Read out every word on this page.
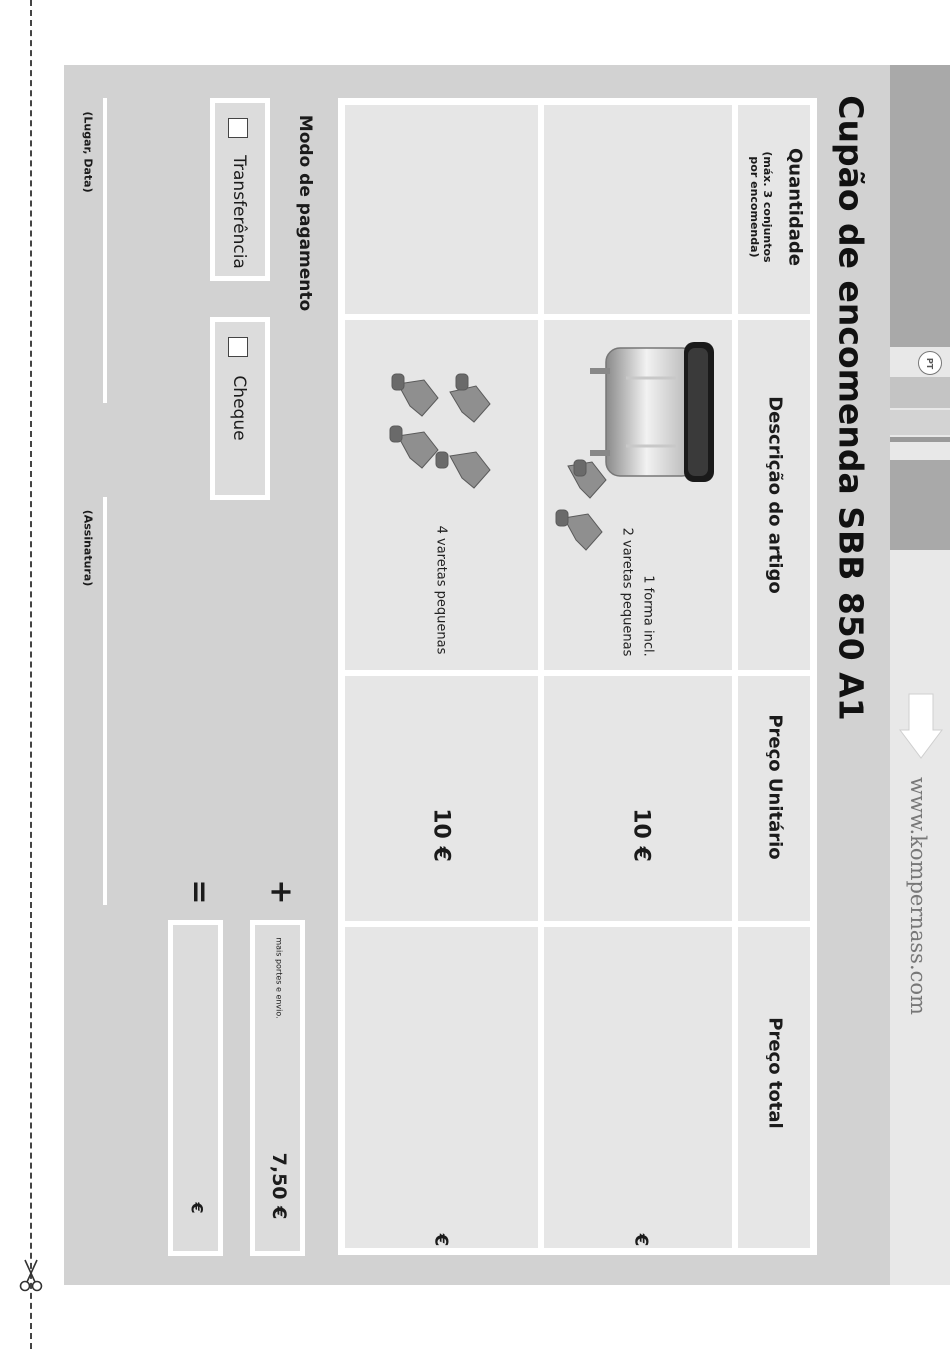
PT
www.kompernass.com
Cupão de encomenda SBB 850 A1
Quantidade
(máx. 3 conjuntos por encomenda)
Descrição do artigo
Preço Unitário
Preço total
1 forma incl.
2 varetas pequenas
10 €
€
4 varetas pequenas
10 €
€
Modo de pagamento
Transferência
Cheque
(Lugar, Data)
(Assinatura)
+
mais portes e envio.
7,50 €
=
€
